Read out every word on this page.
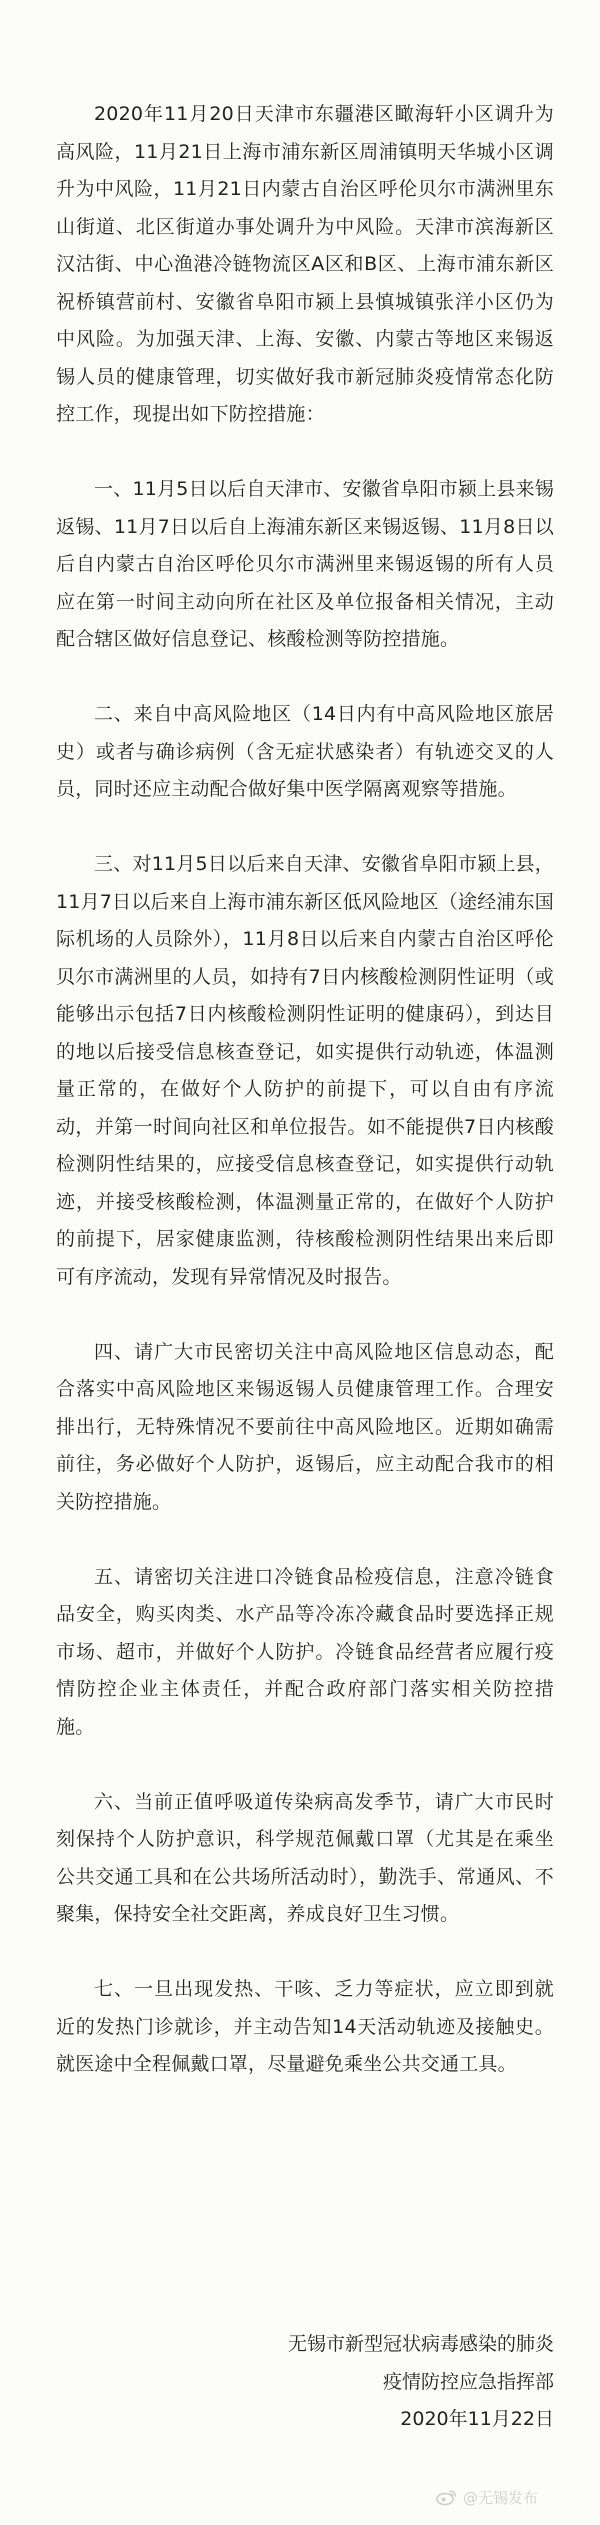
2020年11月20日天津市东疆港区瞰海轩小区调升为高风险，11月21日上海市浦东新区周浦镇明天华城小区调升为中风险，11月21日内蒙古自治区呼伦贝尔市满洲里东山街道、北区街道办事处调升为中风险。天津市滨海新区汉沽街、中心渔港冷链物流区A区和B区、上海市浦东新区祝桥镇营前村、安徽省阜阳市颍上县慎城镇张洋小区仍为中风险。为加强天津、上海、安徽、内蒙古等地区来锡返锡人员的健康管理，切实做好我市新冠肺炎疫情常态化防控工作，现提出如下防控措施：

一、11月5日以后自天津市、安徽省阜阳市颍上县来锡返锡、11月7日以后自上海浦东新区来锡返锡、11月8日以后自内蒙古自治区呼伦贝尔市满洲里来锡返锡的所有人员应在第一时间主动向所在社区及单位报备相关情况，主动配合辖区做好信息登记、核酸检测等防控措施。

二、来自中高风险地区（14日内有中高风险地区旅居史）或者与确诊病例（含无症状感染者）有轨迹交叉的人员，同时还应主动配合做好集中医学隔离观察等措施。

三、对11月5日以后来自天津、安徽省阜阳市颍上县，11月7日以后来自上海市浦东新区低风险地区（途经浦东国际机场的人员除外），11月8日以后来自内蒙古自治区呼伦贝尔市满洲里的人员，如持有7日内核酸检测阴性证明（或能够出示包括7日内核酸检测阴性证明的健康码），到达目的地以后接受信息核查登记，如实提供行动轨迹，体温测量正常的，在做好个人防护的前提下，可以自由有序流动，并第一时间向社区和单位报告。如不能提供7日内核酸检测阴性结果的，应接受信息核查登记，如实提供行动轨迹，并接受核酸检测，体温测量正常的，在做好个人防护的前提下，居家健康监测，待核酸检测阴性结果出来后即可有序流动，发现有异常情况及时报告。

四、请广大市民密切关注中高风险地区信息动态，配合落实中高风险地区来锡返锡人员健康管理工作。合理安排出行，无特殊情况不要前往中高风险地区。近期如确需前往，务必做好个人防护，返锡后，应主动配合我市的相关防控措施。

五、请密切关注进口冷链食品检疫信息，注意冷链食品安全，购买肉类、水产品等冷冻冷藏食品时要选择正规市场、超市，并做好个人防护。冷链食品经营者应履行疫情防控企业主体责任，并配合政府部门落实相关防控措施。

六、当前正值呼吸道传染病高发季节，请广大市民时刻保持个人防护意识，科学规范佩戴口罩（尤其是在乘坐公共交通工具和在公共场所活动时），勤洗手、常通风、不聚集，保持安全社交距离，养成良好卫生习惯。

七、一旦出现发热、干咳、乏力等症状，应立即到就近的发热门诊就诊，并主动告知14天活动轨迹及接触史。就医途中全程佩戴口罩，尽量避免乘坐公共交通工具。

无锡市新型冠状病毒感染的肺炎
疫情防控应急指挥部
2020年11月22日
@无锡发布
